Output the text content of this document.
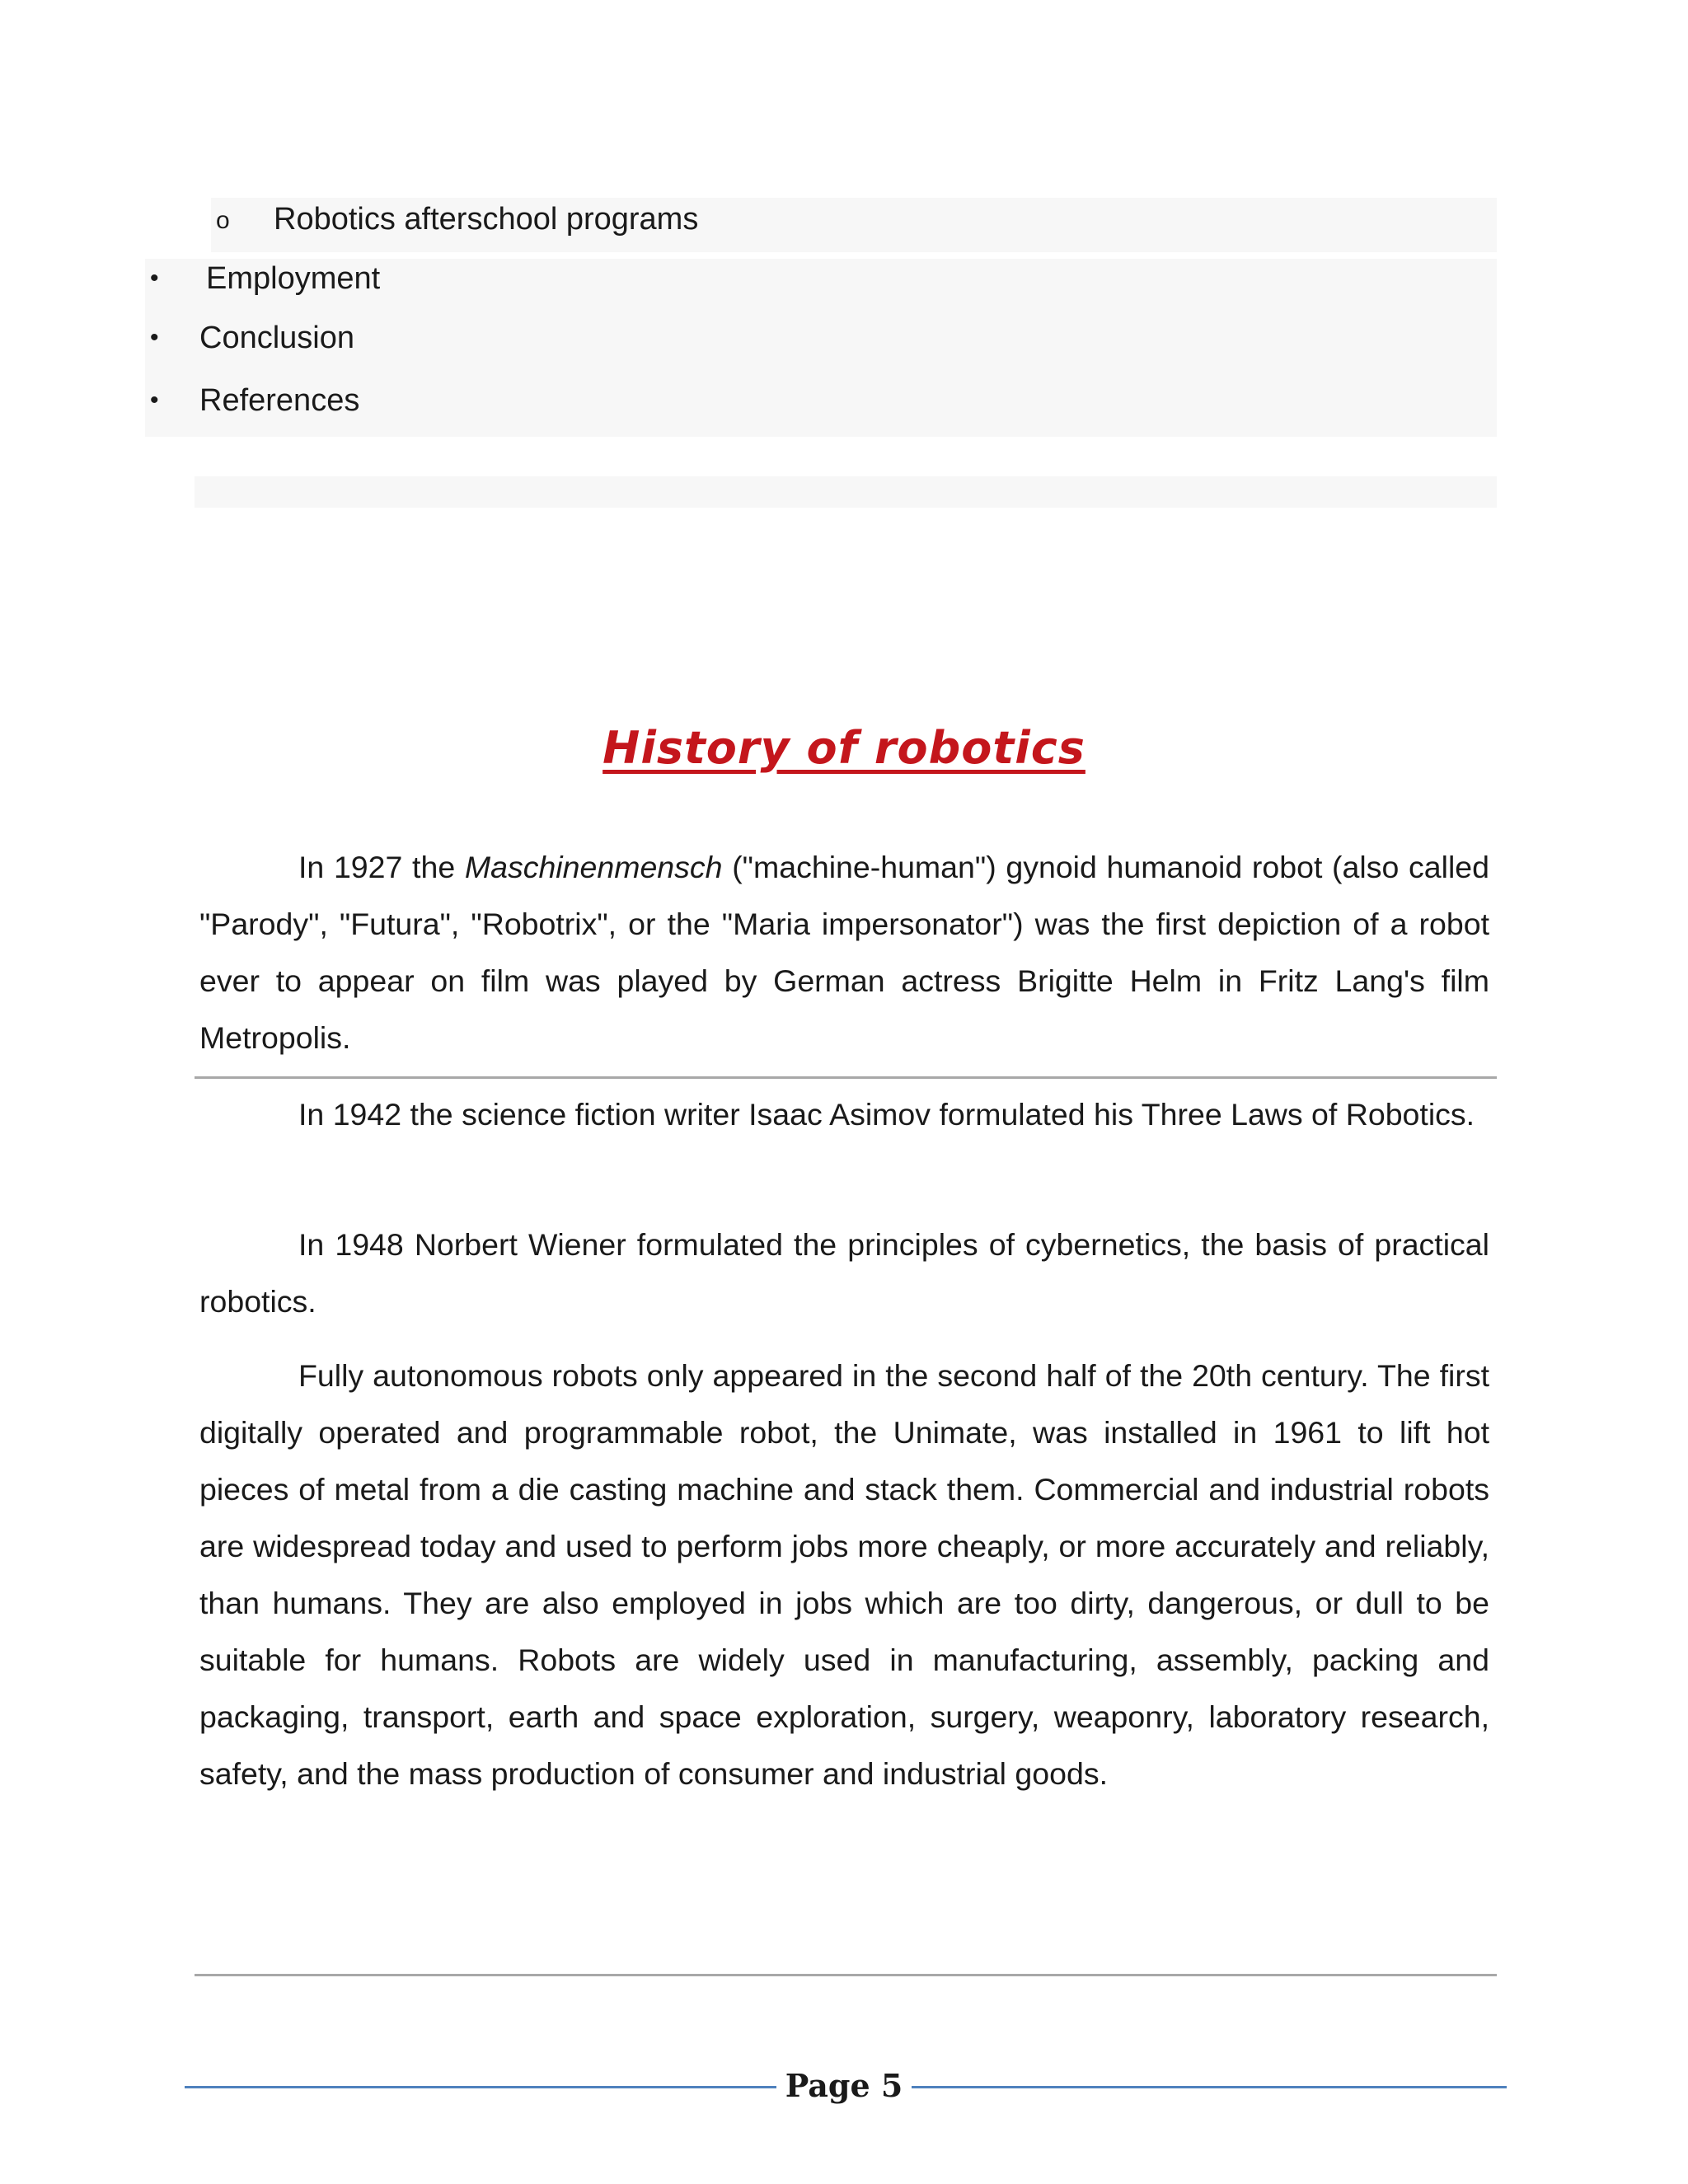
o Robotics afterschool programs
• Employment
• Conclusion
• References
History of robotics
In 1927 the Maschinenmensch ("machine-human") gynoid humanoid robot (also called "Parody", "Futura", "Robotrix", or the "Maria impersonator") was the first depiction of a robot ever to appear on film was played by German actress Brigitte Helm in Fritz Lang's film Metropolis.
In 1942 the science fiction writer Isaac Asimov formulated his Three Laws of Robotics.
In 1948 Norbert Wiener formulated the principles of cybernetics, the basis of practical robotics.
Fully autonomous robots only appeared in the second half of the 20th century. The first digitally operated and programmable robot, the Unimate, was installed in 1961 to lift hot pieces of metal from a die casting machine and stack them. Commercial and industrial robots are widespread today and used to perform jobs more cheaply, or more accurately and reliably, than humans. They are also employed in jobs which are too dirty, dangerous, or dull to be suitable for humans. Robots are widely used in manufacturing, assembly, packing and packaging, transport, earth and space exploration, surgery, weaponry, laboratory research, safety, and the mass production of consumer and industrial goods.
Page 5
